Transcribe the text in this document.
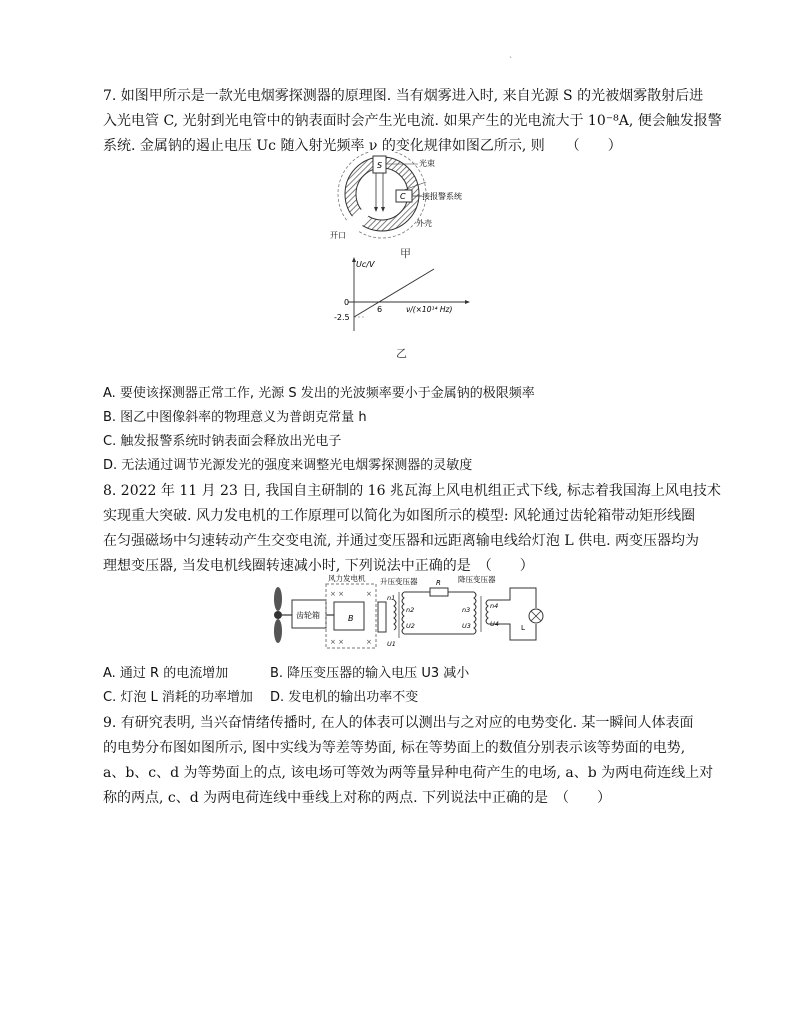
`
7. 如图甲所示是一款光电烟雾探测器的原理图. 当有烟雾进入时, 来自光源 S 的光被烟雾散射后进
入光电管 C, 光射到光电管中的钠表面时会产生光电流. 如果产生的光电流大于 10⁻⁸A, 便会触发报警
系统. 金属钠的遏止电压 Uc 随入射光频率 ν 的变化规律如图乙所示, 则　　（　　）
S
C
光束
接报警系统
开口
外壳
甲
Uc/V
ν/(×10¹⁴ Hz)
0
-2.5
6
乙
A. 要使该探测器正常工作, 光源 S 发出的光波频率要小于金属钠的极限频率
B. 图乙中图像斜率的物理意义为普朗克常量 h
C. 触发报警系统时钠表面会释放出光电子
D. 无法通过调节光源发光的强度来调整光电烟雾探测器的灵敏度
8. 2022 年 11 月 23 日, 我国自主研制的 16 兆瓦海上风电机组正式下线, 标志着我国海上风电技术
实现重大突破. 风力发电机的工作原理可以简化为如图所示的模型: 风轮通过齿轮箱带动矩形线圈
在匀强磁场中匀速转动产生交变电流, 并通过变压器和远距离输电线给灯泡 L 供电. 两变压器均为
理想变压器, 当发电机线圈转速减小时, 下列说法中正确的是　（　　）
齿轮箱
风力发电机
× ×
× ×
×
×
B
升压变压器
n1
U1
n2
U2
R 降压变压器
n3
U3
n4
U4	L
A. 通过 R 的电流增加	B. 降压变压器的输入电压 U3 减小
C. 灯泡 L 消耗的功率增加 D. 发电机的输出功率不变
9. 有研究表明, 当兴奋情绪传播时, 在人的体表可以测出与之对应的电势变化. 某一瞬间人体表面
的电势分布图如图所示, 图中实线为等差等势面, 标在等势面上的数值分别表示该等势面的电势,
a、b、c、d 为等势面上的点, 该电场可等效为两等量异种电荷产生的电场, a、b 为两电荷连线上对
称的两点, c、d 为两电荷连线中垂线上对称的两点. 下列说法中正确的是　（　　）
